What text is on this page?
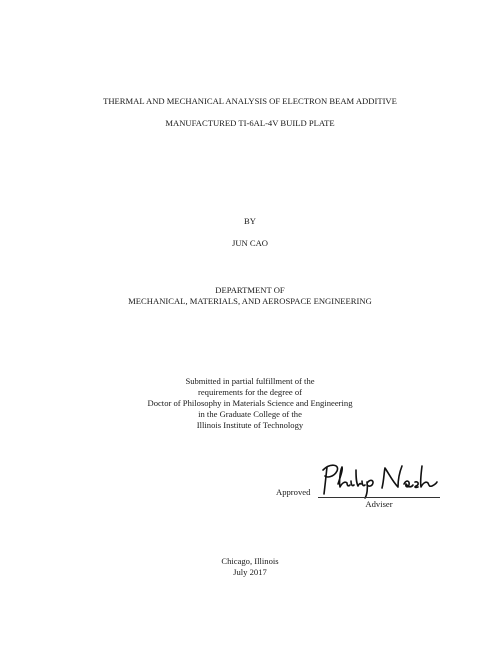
THERMAL AND MECHANICAL ANALYSIS OF ELECTRON BEAM ADDITIVE
MANUFACTURED TI-6AL-4V BUILD PLATE
BY
JUN CAO
DEPARTMENT OF
MECHANICAL, MATERIALS, AND AEROSPACE ENGINEERING
Submitted in partial fulfillment of the
requirements for the degree of
Doctor of Philosophy in Materials Science and Engineering
in the Graduate College of the
Illinois Institute of Technology
Approved
Adviser
Chicago, Illinois
July 2017
